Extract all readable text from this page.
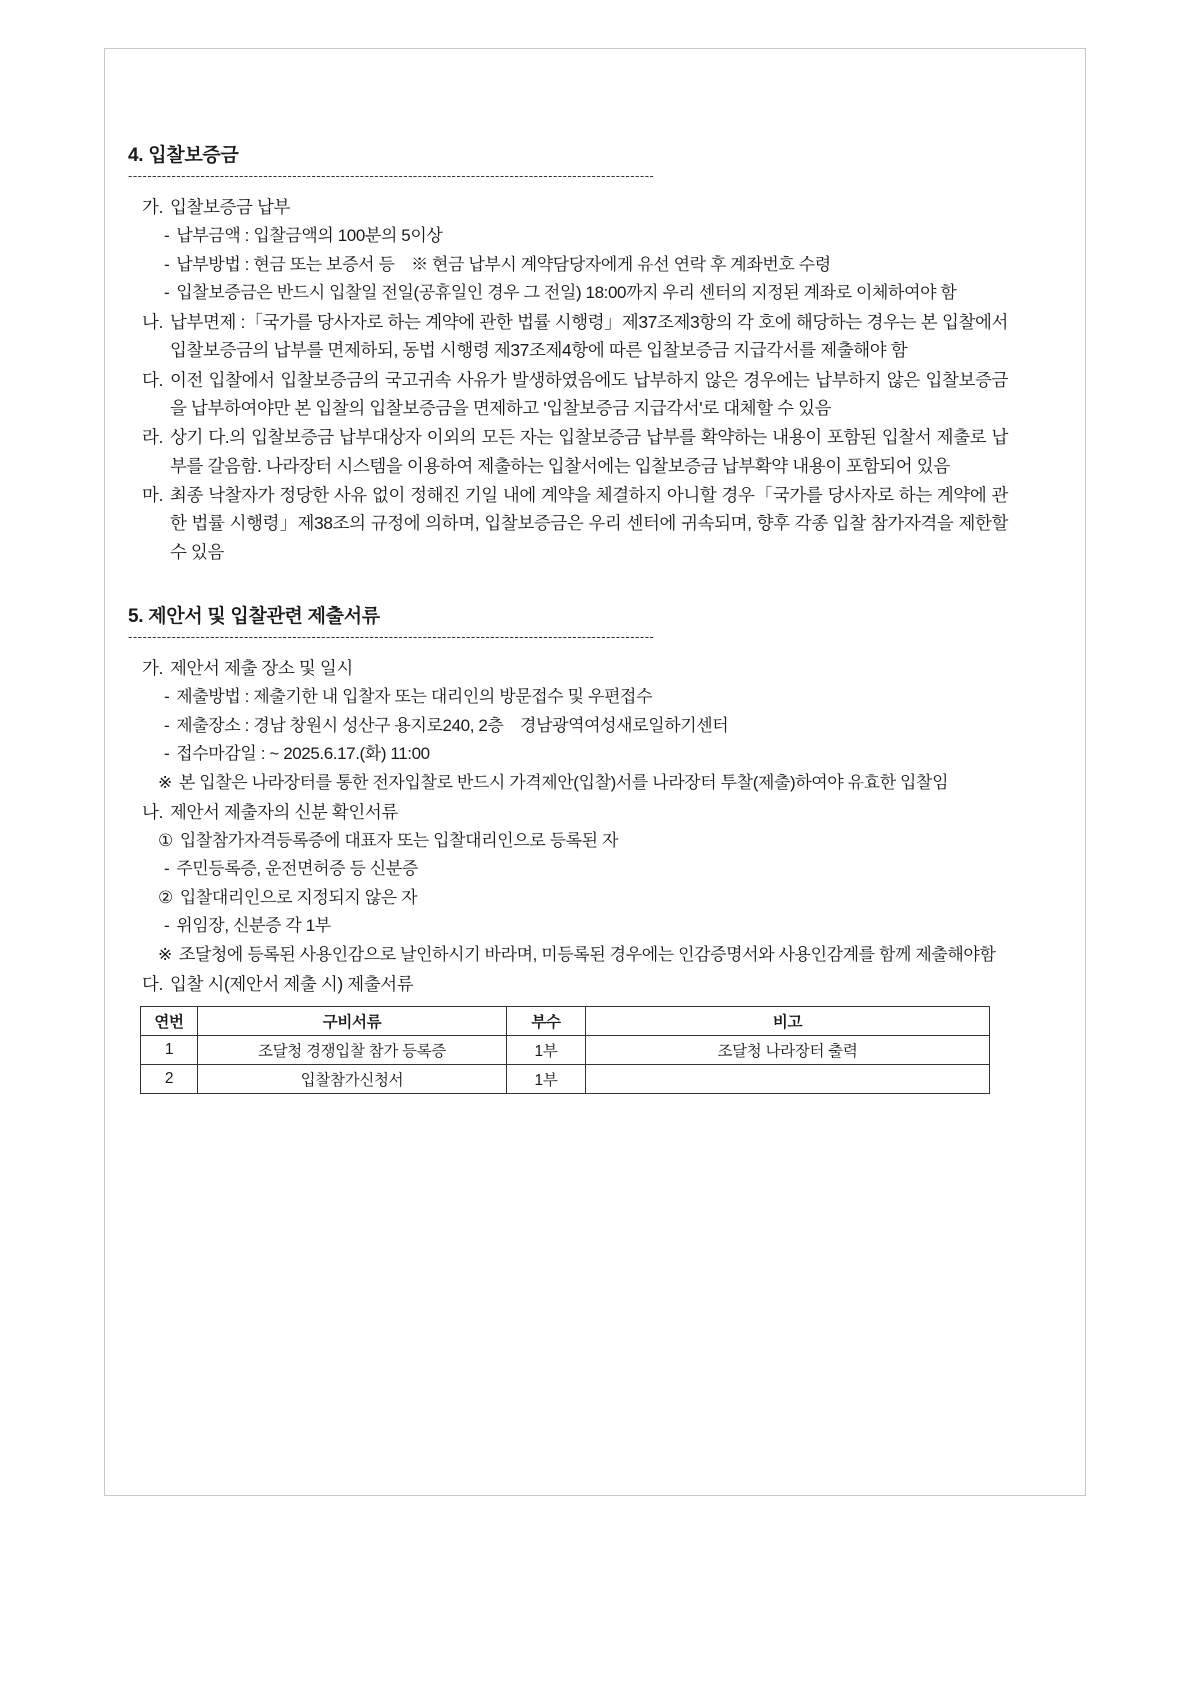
4. 입찰보증금
-------------------------------------------------------------------------------------------------------------
가. 입찰보증금 납부
- 납부금액 : 입찰금액의 100분의 5이상
- 납부방법 : 현금 또는 보증서 등　※ 현금 납부시 계약담당자에게 유선 연락 후 계좌번호 수령
- 입찰보증금은 반드시 입찰일 전일(공휴일인 경우 그 전일) 18:00까지 우리 센터의 지정된 계좌로 이체하여야 함
나. 납부면제 :「국가를 당사자로 하는 계약에 관한 법률 시행령」제37조제3항의 각 호에 해당하는 경우는 본 입찰에서 입찰보증금의 납부를 면제하되, 동법 시행령 제37조제4항에 따른 입찰보증금 지급각서를 제출해야 함
다. 이전 입찰에서 입찰보증금의 국고귀속 사유가 발생하였음에도 납부하지 않은 경우에는 납부하지 않은 입찰보증금을 납부하여야만 본 입찰의 입찰보증금을 면제하고 '입찰보증금 지급각서'로 대체할 수 있음
라. 상기 다.의 입찰보증금 납부대상자 이외의 모든 자는 입찰보증금 납부를 확약하는 내용이 포함된 입찰서 제출로 납부를 갈음함. 나라장터 시스템을 이용하여 제출하는 입찰서에는 입찰보증금 납부확약 내용이 포함되어 있음
마. 최종 낙찰자가 정당한 사유 없이 정해진 기일 내에 계약을 체결하지 아니할 경우「국가를 당사자로 하는 계약에 관한 법률 시행령」제38조의 규정에 의하며, 입찰보증금은 우리 센터에 귀속되며, 향후 각종 입찰 참가자격을 제한할 수 있음
5. 제안서 및 입찰관련 제출서류
-------------------------------------------------------------------------------------------------------------
가. 제안서 제출 장소 및 일시
- 제출방법 : 제출기한 내 입찰자 또는 대리인의 방문접수 및 우편접수
- 제출장소 : 경남 창원시 성산구 용지로240, 2층　경남광역여성새로일하기센터
- 접수마감일 : ~ 2025.6.17.(화) 11:00
※ 본 입찰은 나라장터를 통한 전자입찰로 반드시 가격제안(입찰)서를 나라장터 투찰(제출)하여야 유효한 입찰임
나. 제안서 제출자의 신분 확인서류
① 입찰참가자격등록증에 대표자 또는 입찰대리인으로 등록된 자
- 주민등록증, 운전면허증 등 신분증
② 입찰대리인으로 지정되지 않은 자
- 위임장, 신분증 각 1부
※ 조달청에 등록된 사용인감으로 날인하시기 바라며, 미등록된 경우에는 인감증명서와 사용인감계를 함께 제출해야함
다. 입찰 시(제안서 제출 시) 제출서류
연번	구비서류	부수	비고
1	조달청 경쟁입찰 참가 등록증	1부	조달청 나라장터 출력
2	입찰참가신청서	1부	
